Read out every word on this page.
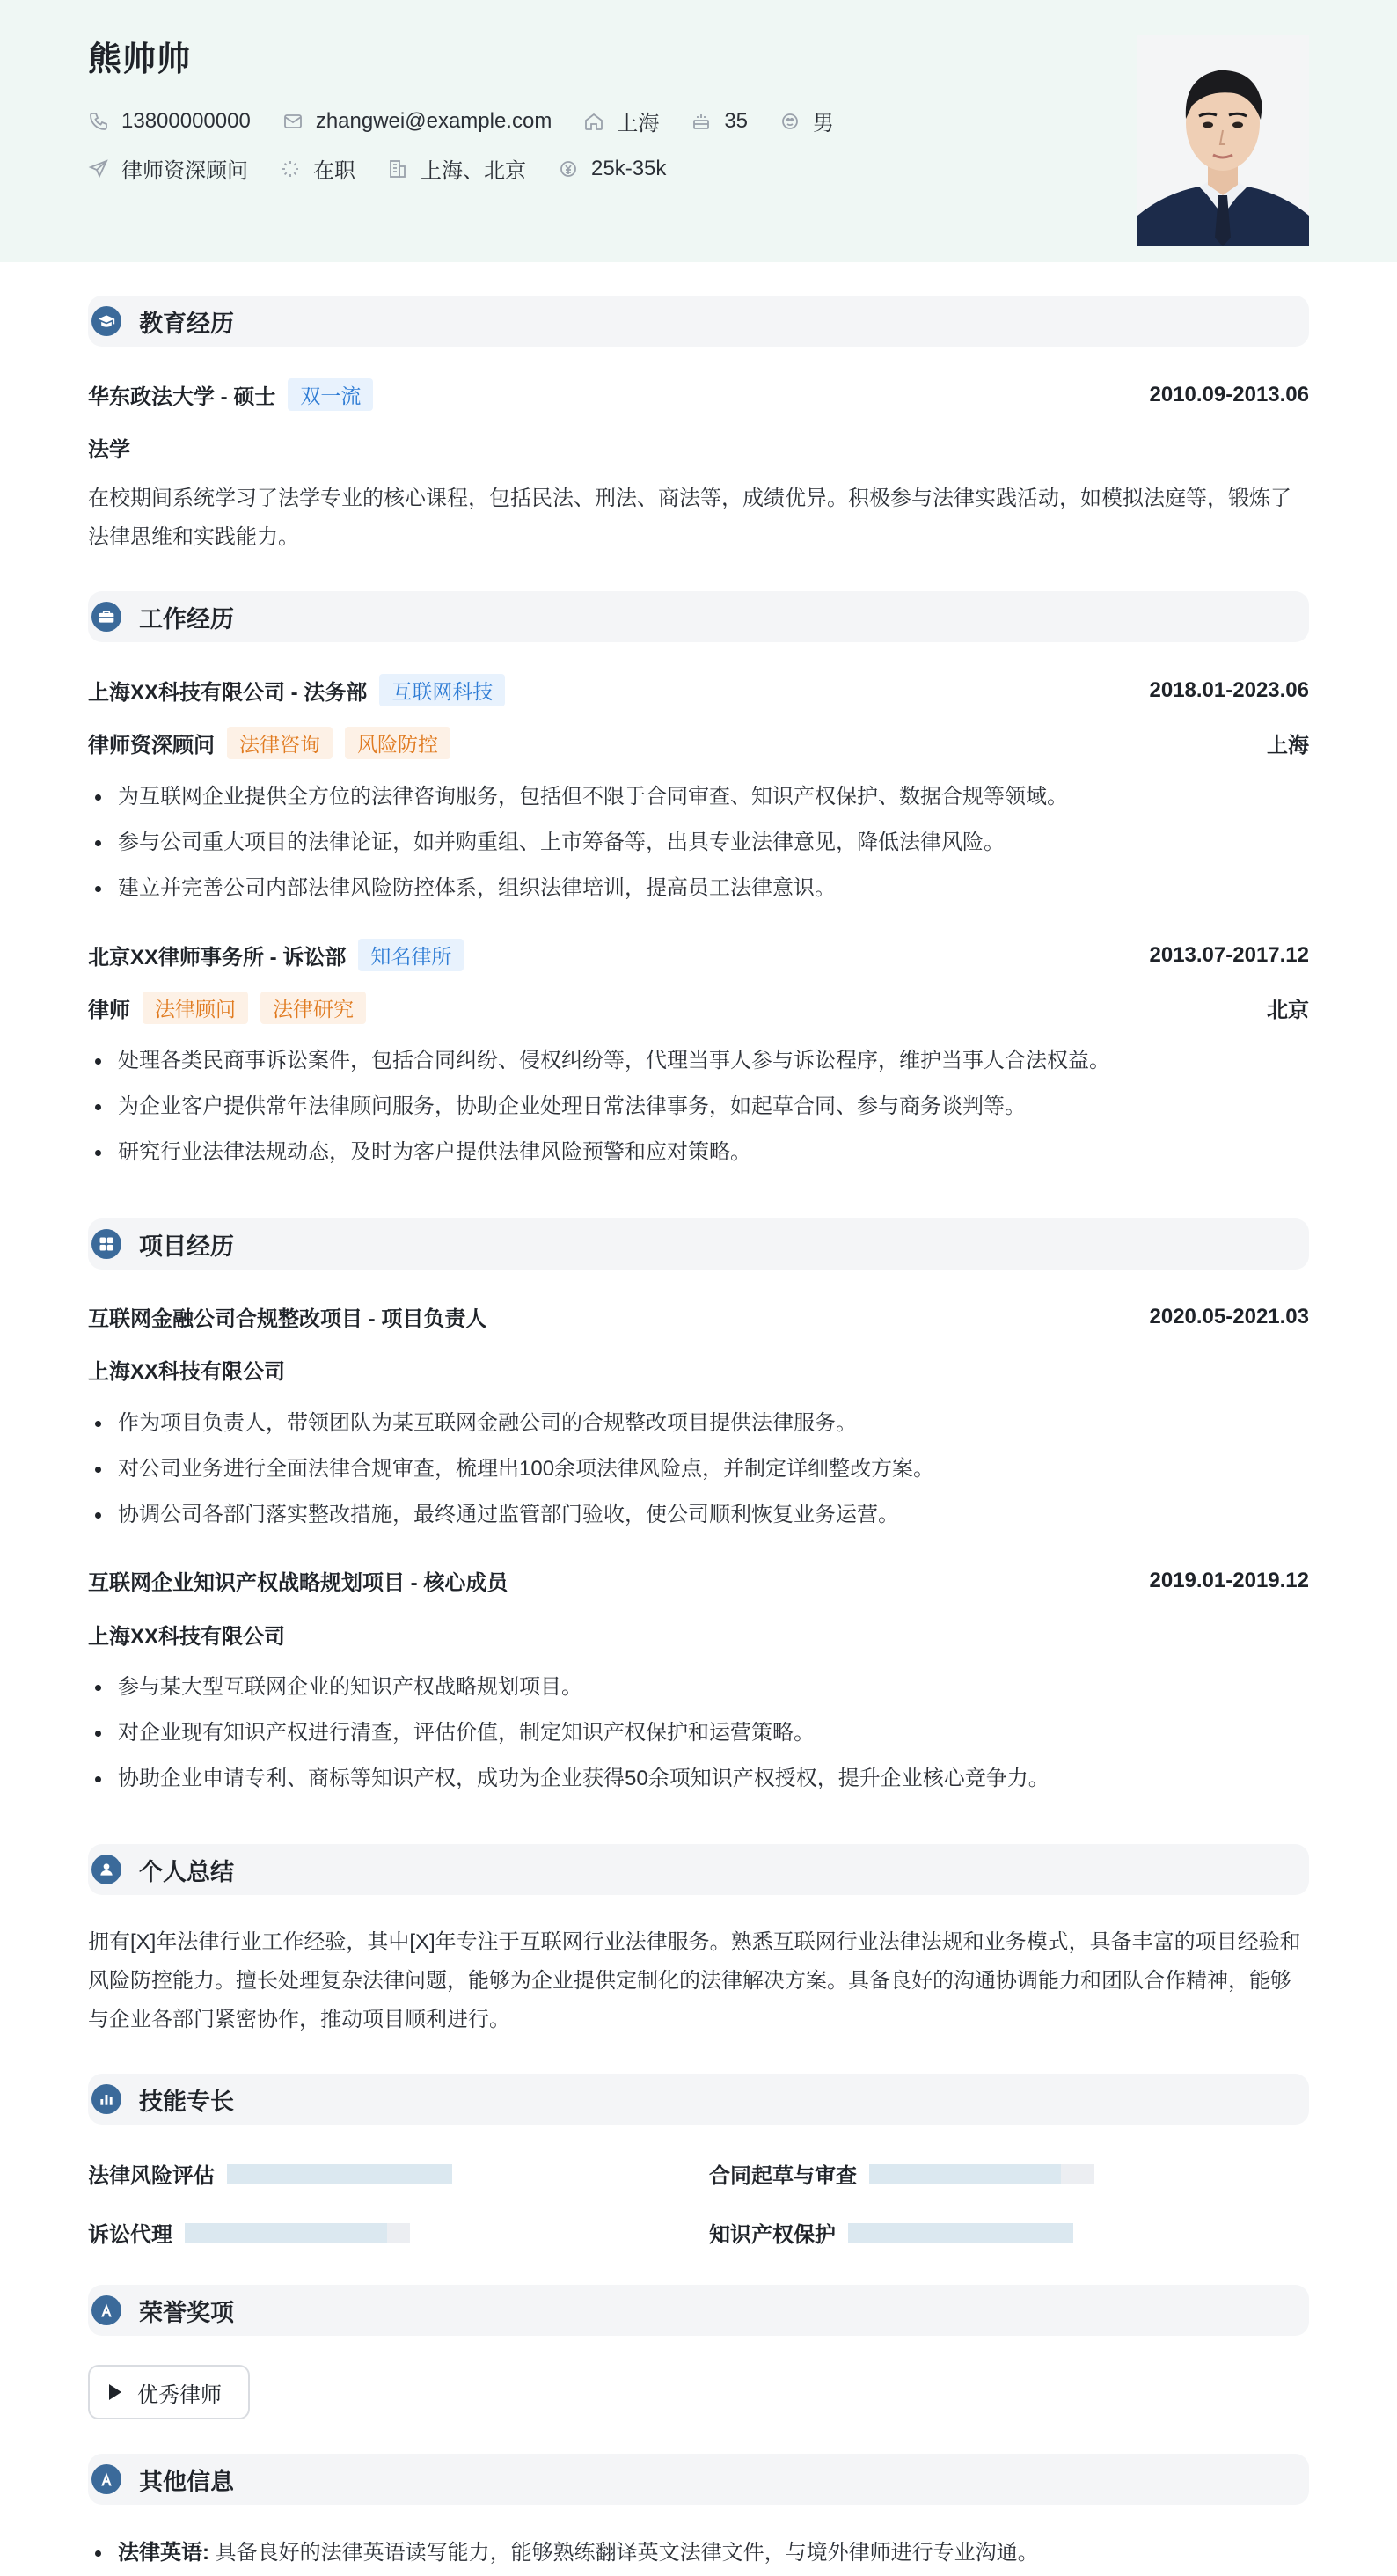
熊帅帅
13800000000	zhangwei@example.com	上海	35	男
律师资深顾问	在职	上海、北京	25k-35k
教育经历
华东政法大学 - 硕士	双一流	2010.09-2013.06
法学
在校期间系统学习了法学专业的核心课程，包括民法、刑法、商法等，成绩优异。积极参与法律实践活动，如模拟法庭等，锻炼了法律思维和实践能力。
工作经历
上海XX科技有限公司 - 法务部	互联网科技	2018.01-2023.06
律师资深顾问	法律咨询	风险防控	上海
为互联网企业提供全方位的法律咨询服务，包括但不限于合同审查、知识产权保护、数据合规等领域。
参与公司重大项目的法律论证，如并购重组、上市筹备等，出具专业法律意见，降低法律风险。
建立并完善公司内部法律风险防控体系，组织法律培训，提高员工法律意识。
北京XX律师事务所 - 诉讼部	知名律所	2013.07-2017.12
律师	法律顾问	法律研究	北京
处理各类民商事诉讼案件，包括合同纠纷、侵权纠纷等，代理当事人参与诉讼程序，维护当事人合法权益。
为企业客户提供常年法律顾问服务，协助企业处理日常法律事务，如起草合同、参与商务谈判等。
研究行业法律法规动态，及时为客户提供法律风险预警和应对策略。
项目经历
互联网金融公司合规整改项目 - 项目负责人	2020.05-2021.03
上海XX科技有限公司
作为项目负责人，带领团队为某互联网金融公司的合规整改项目提供法律服务。
对公司业务进行全面法律合规审查，梳理出100余项法律风险点，并制定详细整改方案。
协调公司各部门落实整改措施，最终通过监管部门验收，使公司顺利恢复业务运营。
互联网企业知识产权战略规划项目 - 核心成员	2019.01-2019.12
上海XX科技有限公司
参与某大型互联网企业的知识产权战略规划项目。
对企业现有知识产权进行清查，评估价值，制定知识产权保护和运营策略。
协助企业申请专利、商标等知识产权，成功为企业获得50余项知识产权授权，提升企业核心竞争力。
个人总结
拥有[X]年法律行业工作经验，其中[X]年专注于互联网行业法律服务。熟悉互联网行业法律法规和业务模式，具备丰富的项目经验和风险防控能力。擅长处理复杂法律问题，能够为企业提供定制化的法律解决方案。具备良好的沟通协调能力和团队合作精神，能够与企业各部门紧密协作，推动项目顺利进行。
技能专长
法律风险评估	合同起草与审查
诉讼代理	知识产权保护
荣誉奖项
优秀律师
其他信息
法律英语: 具备良好的法律英语读写能力，能够熟练翻译英文法律文件，与境外律师进行专业沟通。
